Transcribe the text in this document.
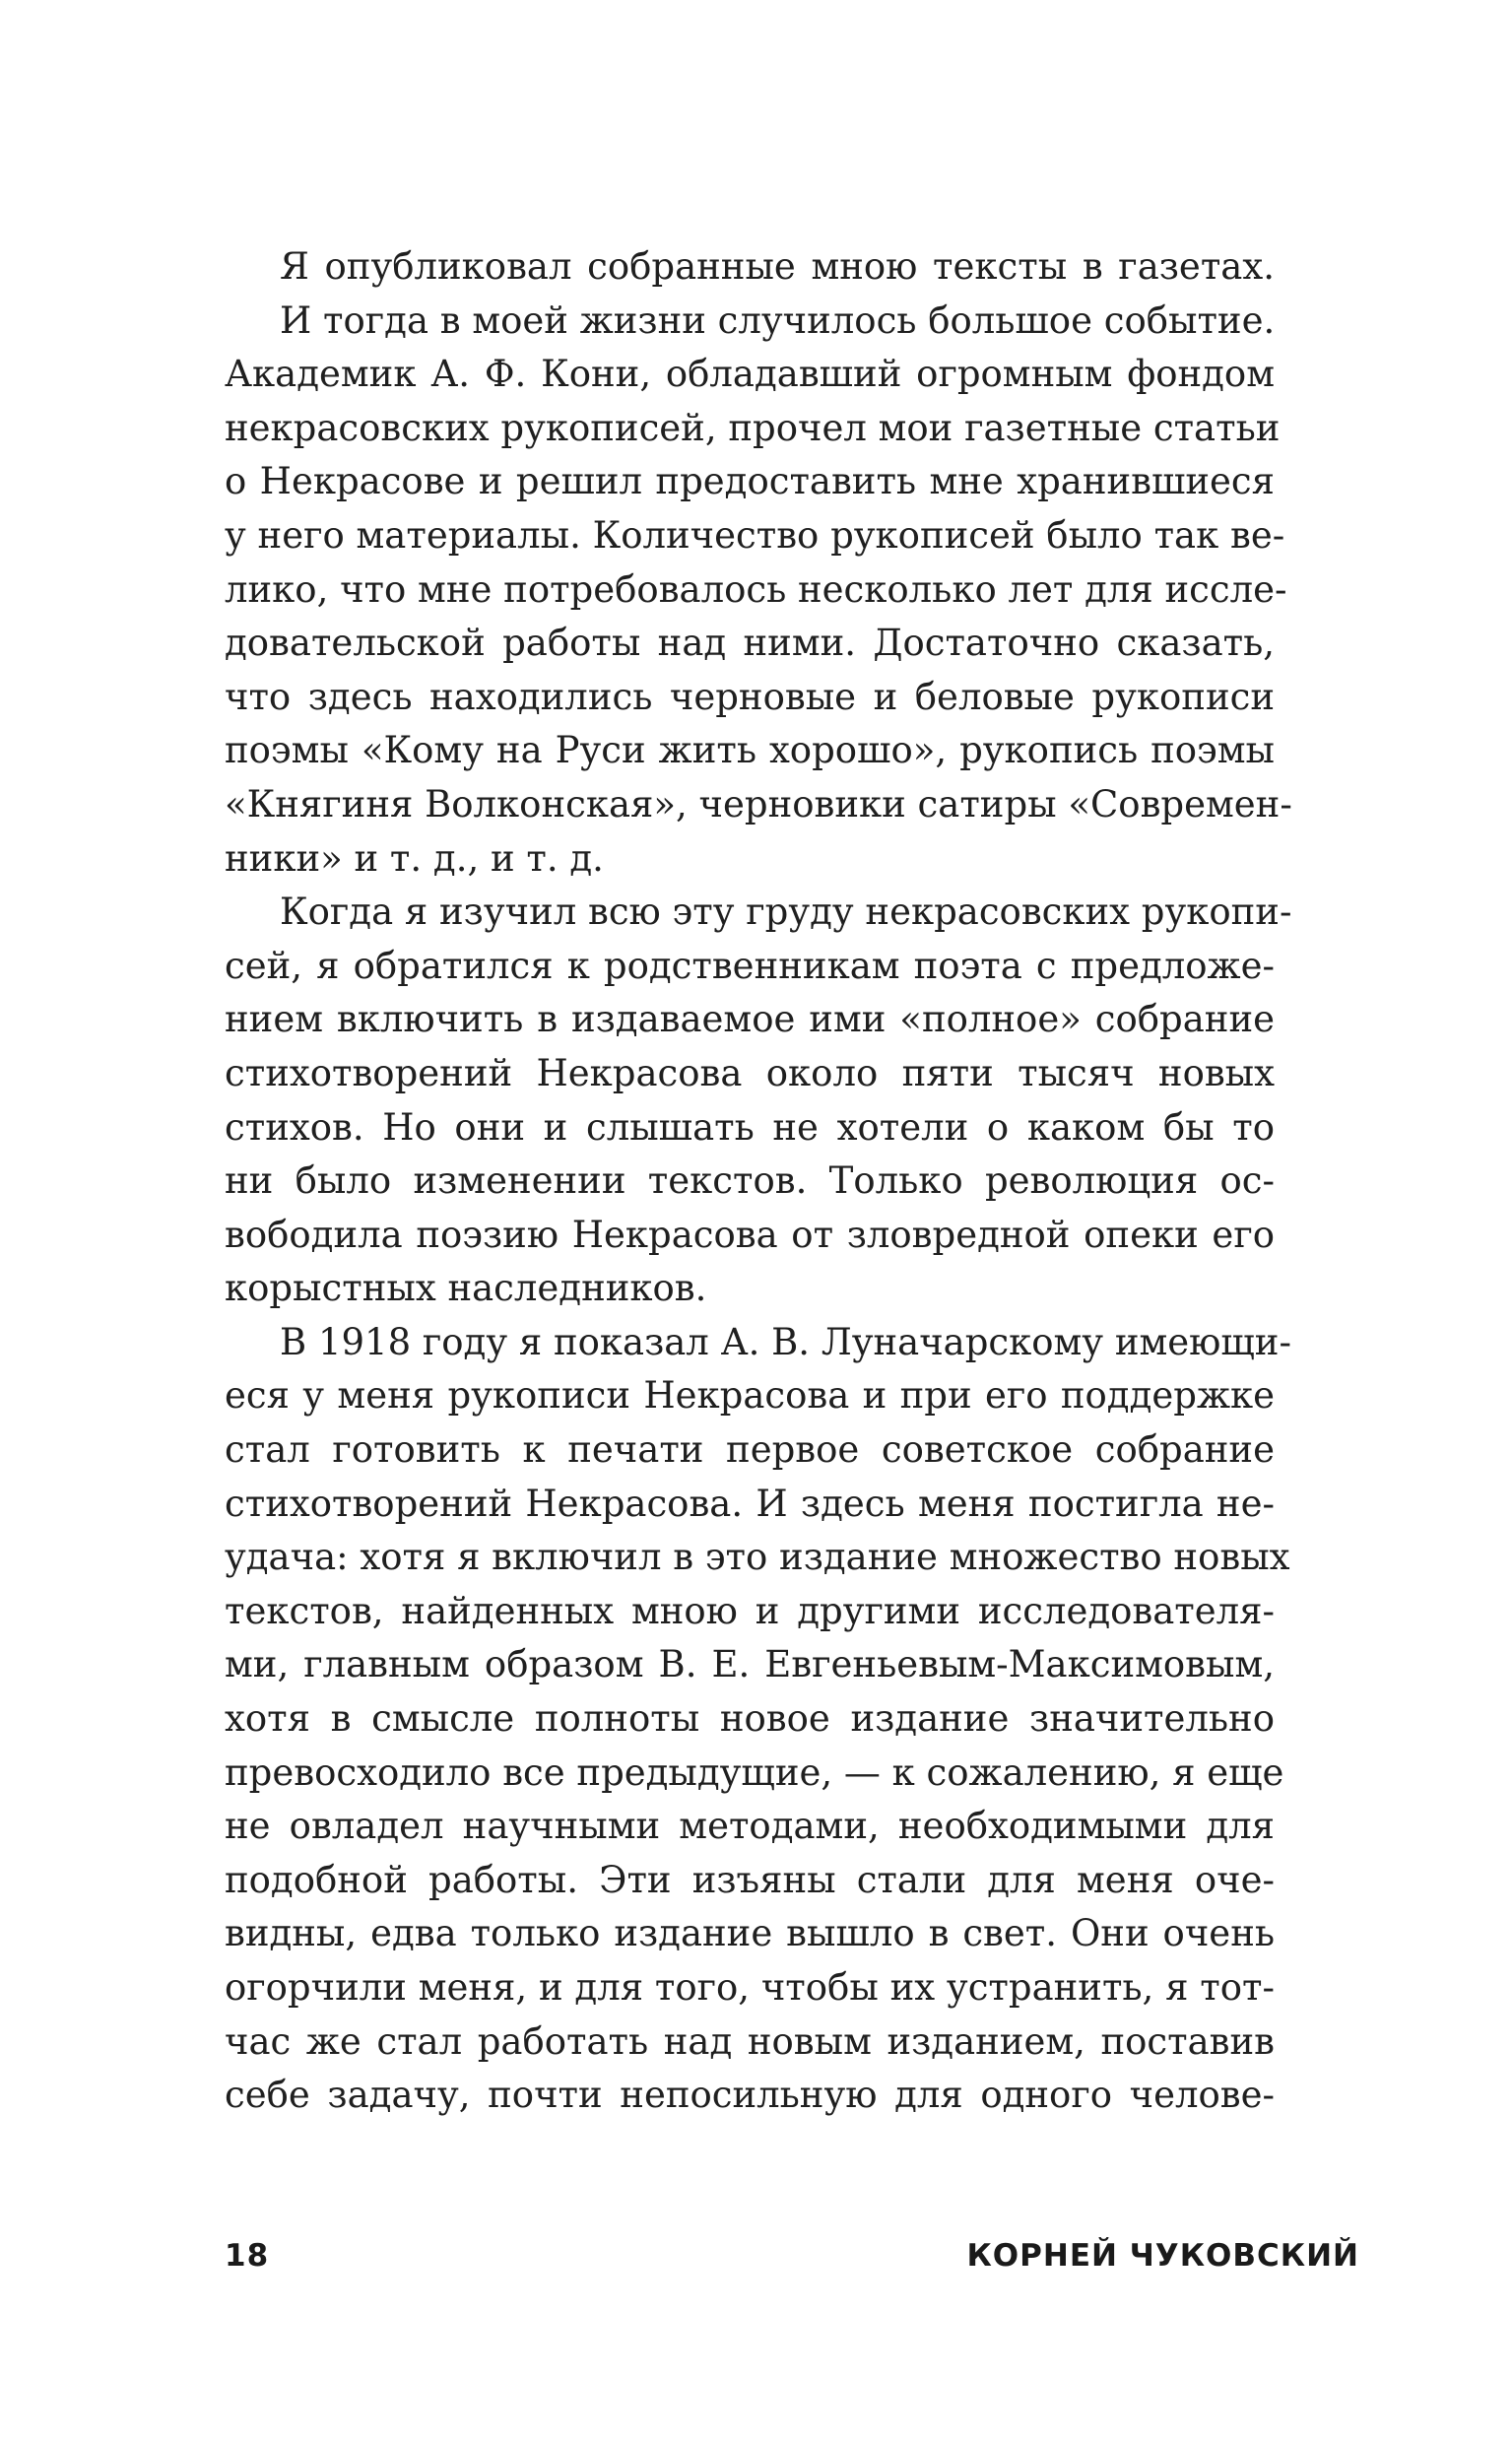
Я опубликовал собранные мною тексты в газетах.
И тогда в моей жизни случилось большое событие.
Академик А. Ф. Кони, обладавший огромным фондом
некрасовских рукописей, прочел мои газетные статьи
о Некрасове и решил предоставить мне хранившиеся
у него материалы. Количество рукописей было так ве-
лико, что мне потребовалось несколько лет для иссле-
довательской работы над ними. Достаточно сказать,
что здесь находились черновые и беловые рукописи
поэмы «Кому на Руси жить хорошо», рукопись поэмы
«Княгиня Волконская», черновики сатиры «Современ-
ники» и т. д., и т. д.
Когда я изучил всю эту груду некрасовских рукопи-
сей, я обратился к родственникам поэта с предложе-
нием включить в издаваемое ими «полное» собрание
стихотворений Некрасова около пяти тысяч новых
стихов. Но они и слышать не хотели о каком бы то
ни было изменении текстов. Только революция ос-
вободила поэзию Некрасова от зловредной опеки его
корыстных наследников.
В 1918 году я показал А. В. Луначарскому имеющи-
еся у меня рукописи Некрасова и при его поддержке
стал готовить к печати первое советское собрание
стихотворений Некрасова. И здесь меня постигла не-
удача: хотя я включил в это издание множество новых
текстов, найденных мною и другими исследователя-
ми, главным образом В. Е. Евгеньевым-Максимовым,
хотя в смысле полноты новое издание значительно
превосходило все предыдущие, — к сожалению, я еще
не овладел научными методами, необходимыми для
подобной работы. Эти изъяны стали для меня оче-
видны, едва только издание вышло в свет. Они очень
огорчили меня, и для того, чтобы их устранить, я тот-
час же стал работать над новым изданием, поставив
себе задачу, почти непосильную для одного челове-
18	КОРНЕЙ ЧУКОВСКИЙ
